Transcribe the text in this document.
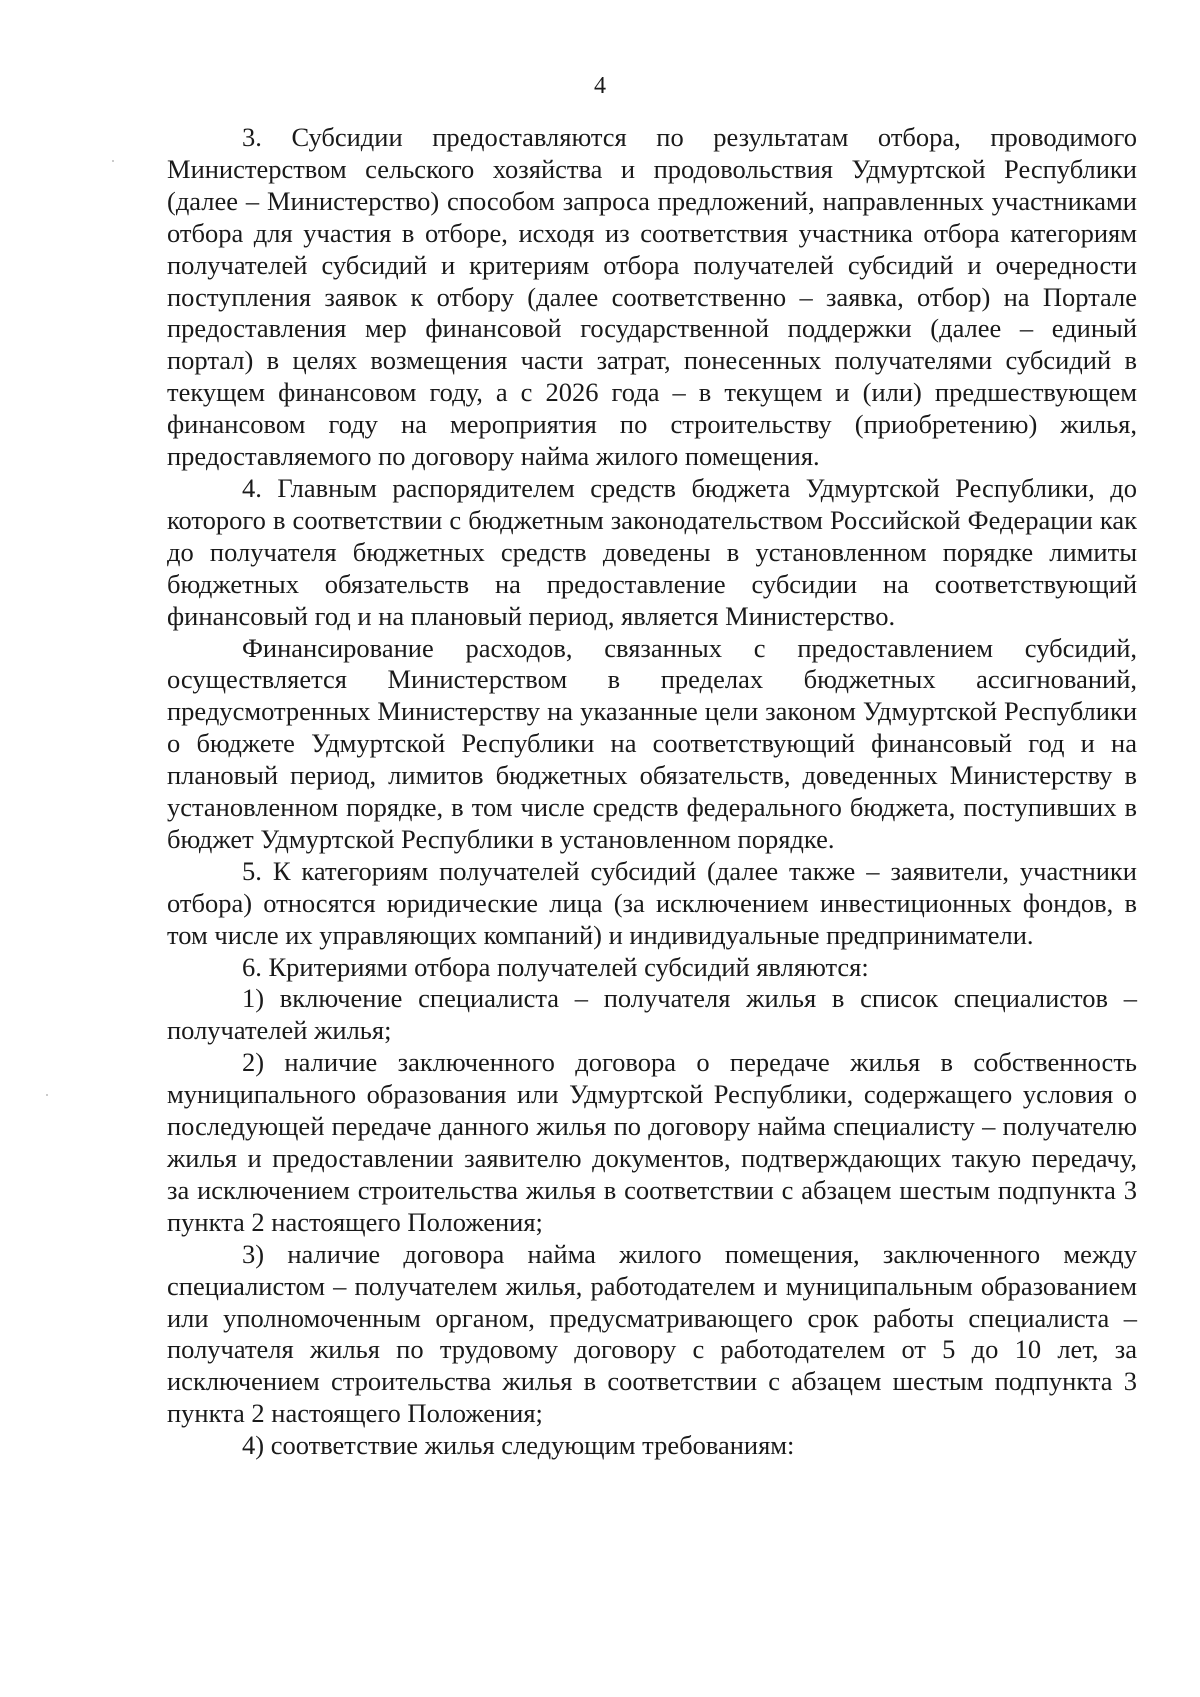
4

3. Субсидии предоставляются по результатам отбора, проводимого Министерством сельского хозяйства и продовольствия Удмуртской Республики (далее – Министерство) способом запроса предложений, направленных участниками отбора для участия в отборе, исходя из соответствия участника отбора категориям получателей субсидий и критериям отбора получателей субсидий и очередности поступления заявок к отбору (далее соответственно – заявка, отбор) на Портале предоставления мер финансовой государственной поддержки (далее – единый портал) в целях возмещения части затрат, понесенных получателями субсидий в текущем финансовом году, а с 2026 года – в текущем и (или) предшествующем финансовом году на мероприятия по строительству (приобретению) жилья, предоставляемого по договору найма жилого помещения.

4. Главным распорядителем средств бюджета Удмуртской Республики, до которого в соответствии с бюджетным законодательством Российской Федерации как до получателя бюджетных средств доведены в установленном порядке лимиты бюджетных обязательств на предоставление субсидии на соответствующий финансовый год и на плановый период, является Министерство.

Финансирование расходов, связанных с предоставлением субсидий, осуществляется Министерством в пределах бюджетных ассигнований, предусмотренных Министерству на указанные цели законом Удмуртской Республики о бюджете Удмуртской Республики на соответствующий финансовый год и на плановый период, лимитов бюджетных обязательств, доведенных Министерству в установленном порядке, в том числе средств федерального бюджета, поступивших в бюджет Удмуртской Республики в установленном порядке.

5. К категориям получателей субсидий (далее также – заявители, участники отбора) относятся юридические лица (за исключением инвестиционных фондов, в том числе их управляющих компаний) и индивидуальные предприниматели.

6. Критериями отбора получателей субсидий являются:

1) включение специалиста – получателя жилья в список специалистов – получателей жилья;

2) наличие заключенного договора о передаче жилья в собственность муниципального образования или Удмуртской Республики, содержащего условия о последующей передаче данного жилья по договору найма специалисту – получателю жилья и предоставлении заявителю документов, подтверждающих такую передачу, за исключением строительства жилья в соответствии с абзацем шестым подпункта 3 пункта 2 настоящего Положения;

3) наличие договора найма жилого помещения, заключенного между специалистом – получателем жилья, работодателем и муниципальным образованием или уполномоченным органом, предусматривающего срок работы специалиста – получателя жилья по трудовому договору с работодателем от 5 до 10 лет, за исключением строительства жилья в соответствии с абзацем шестым подпункта 3 пункта 2 настоящего Положения;

4) соответствие жилья следующим требованиям:
